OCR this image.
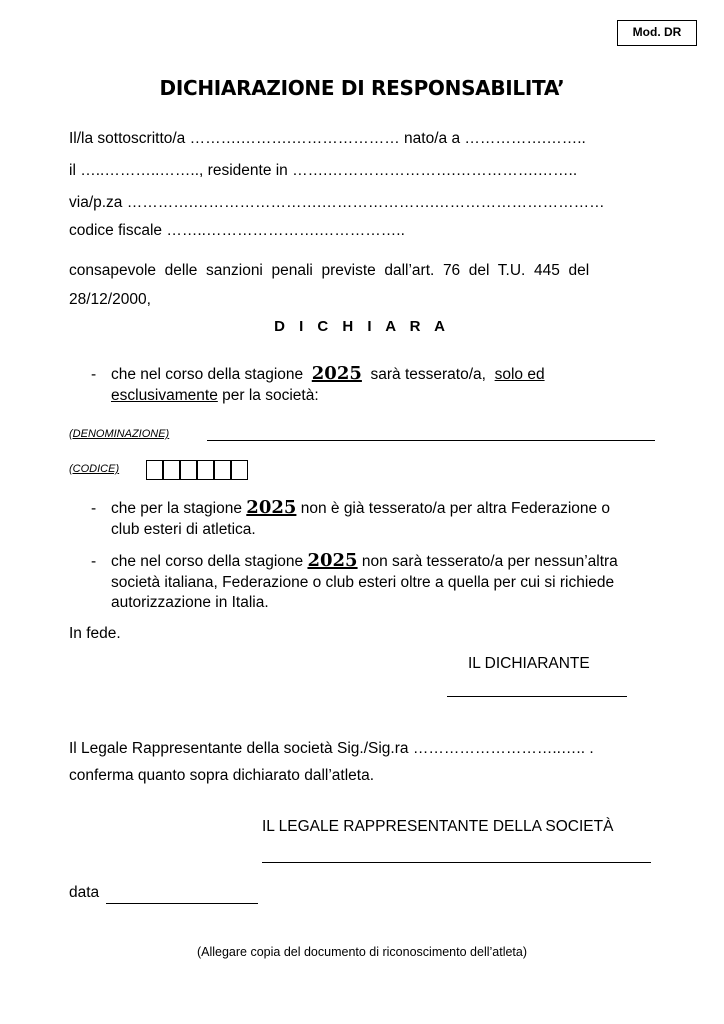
Mod. DR
DICHIARAZIONE DI RESPONSABILITA’
Il/la sottoscritto/a ……….……….………………… nato/a a …………….……..
il …..………..…….., residente in …….…………………….…………….……..
via/p.za ………….…………………….………………….……………………………
codice fiscale ……..………………….……………..
consapevole  delle  sanzioni  penali  previste  dall’art.  76  del  T.U.  445  del
28/12/2000,
D I C H I A R A
- che nel corso della stagione 2025 sarà tesserato/a, solo ed
esclusivamente per la società:
(DENOMINAZIONE)
(CODICE)
- che per la stagione 2025 non è già tesserato/a per altra Federazione o
club esteri di atletica.
- che nel corso della stagione 2025 non sarà tesserato/a per nessun’altra
società italiana, Federazione o club esteri oltre a quella per cui si richiede
autorizzazione in Italia.
In fede.
IL DICHIARANTE
Il Legale Rappresentante della società Sig./Sig.ra ………………………..….. .
conferma quanto sopra dichiarato dall’atleta.
IL LEGALE RAPPRESENTANTE DELLA SOCIETÀ
data
(Allegare copia del documento di riconoscimento dell’atleta)
